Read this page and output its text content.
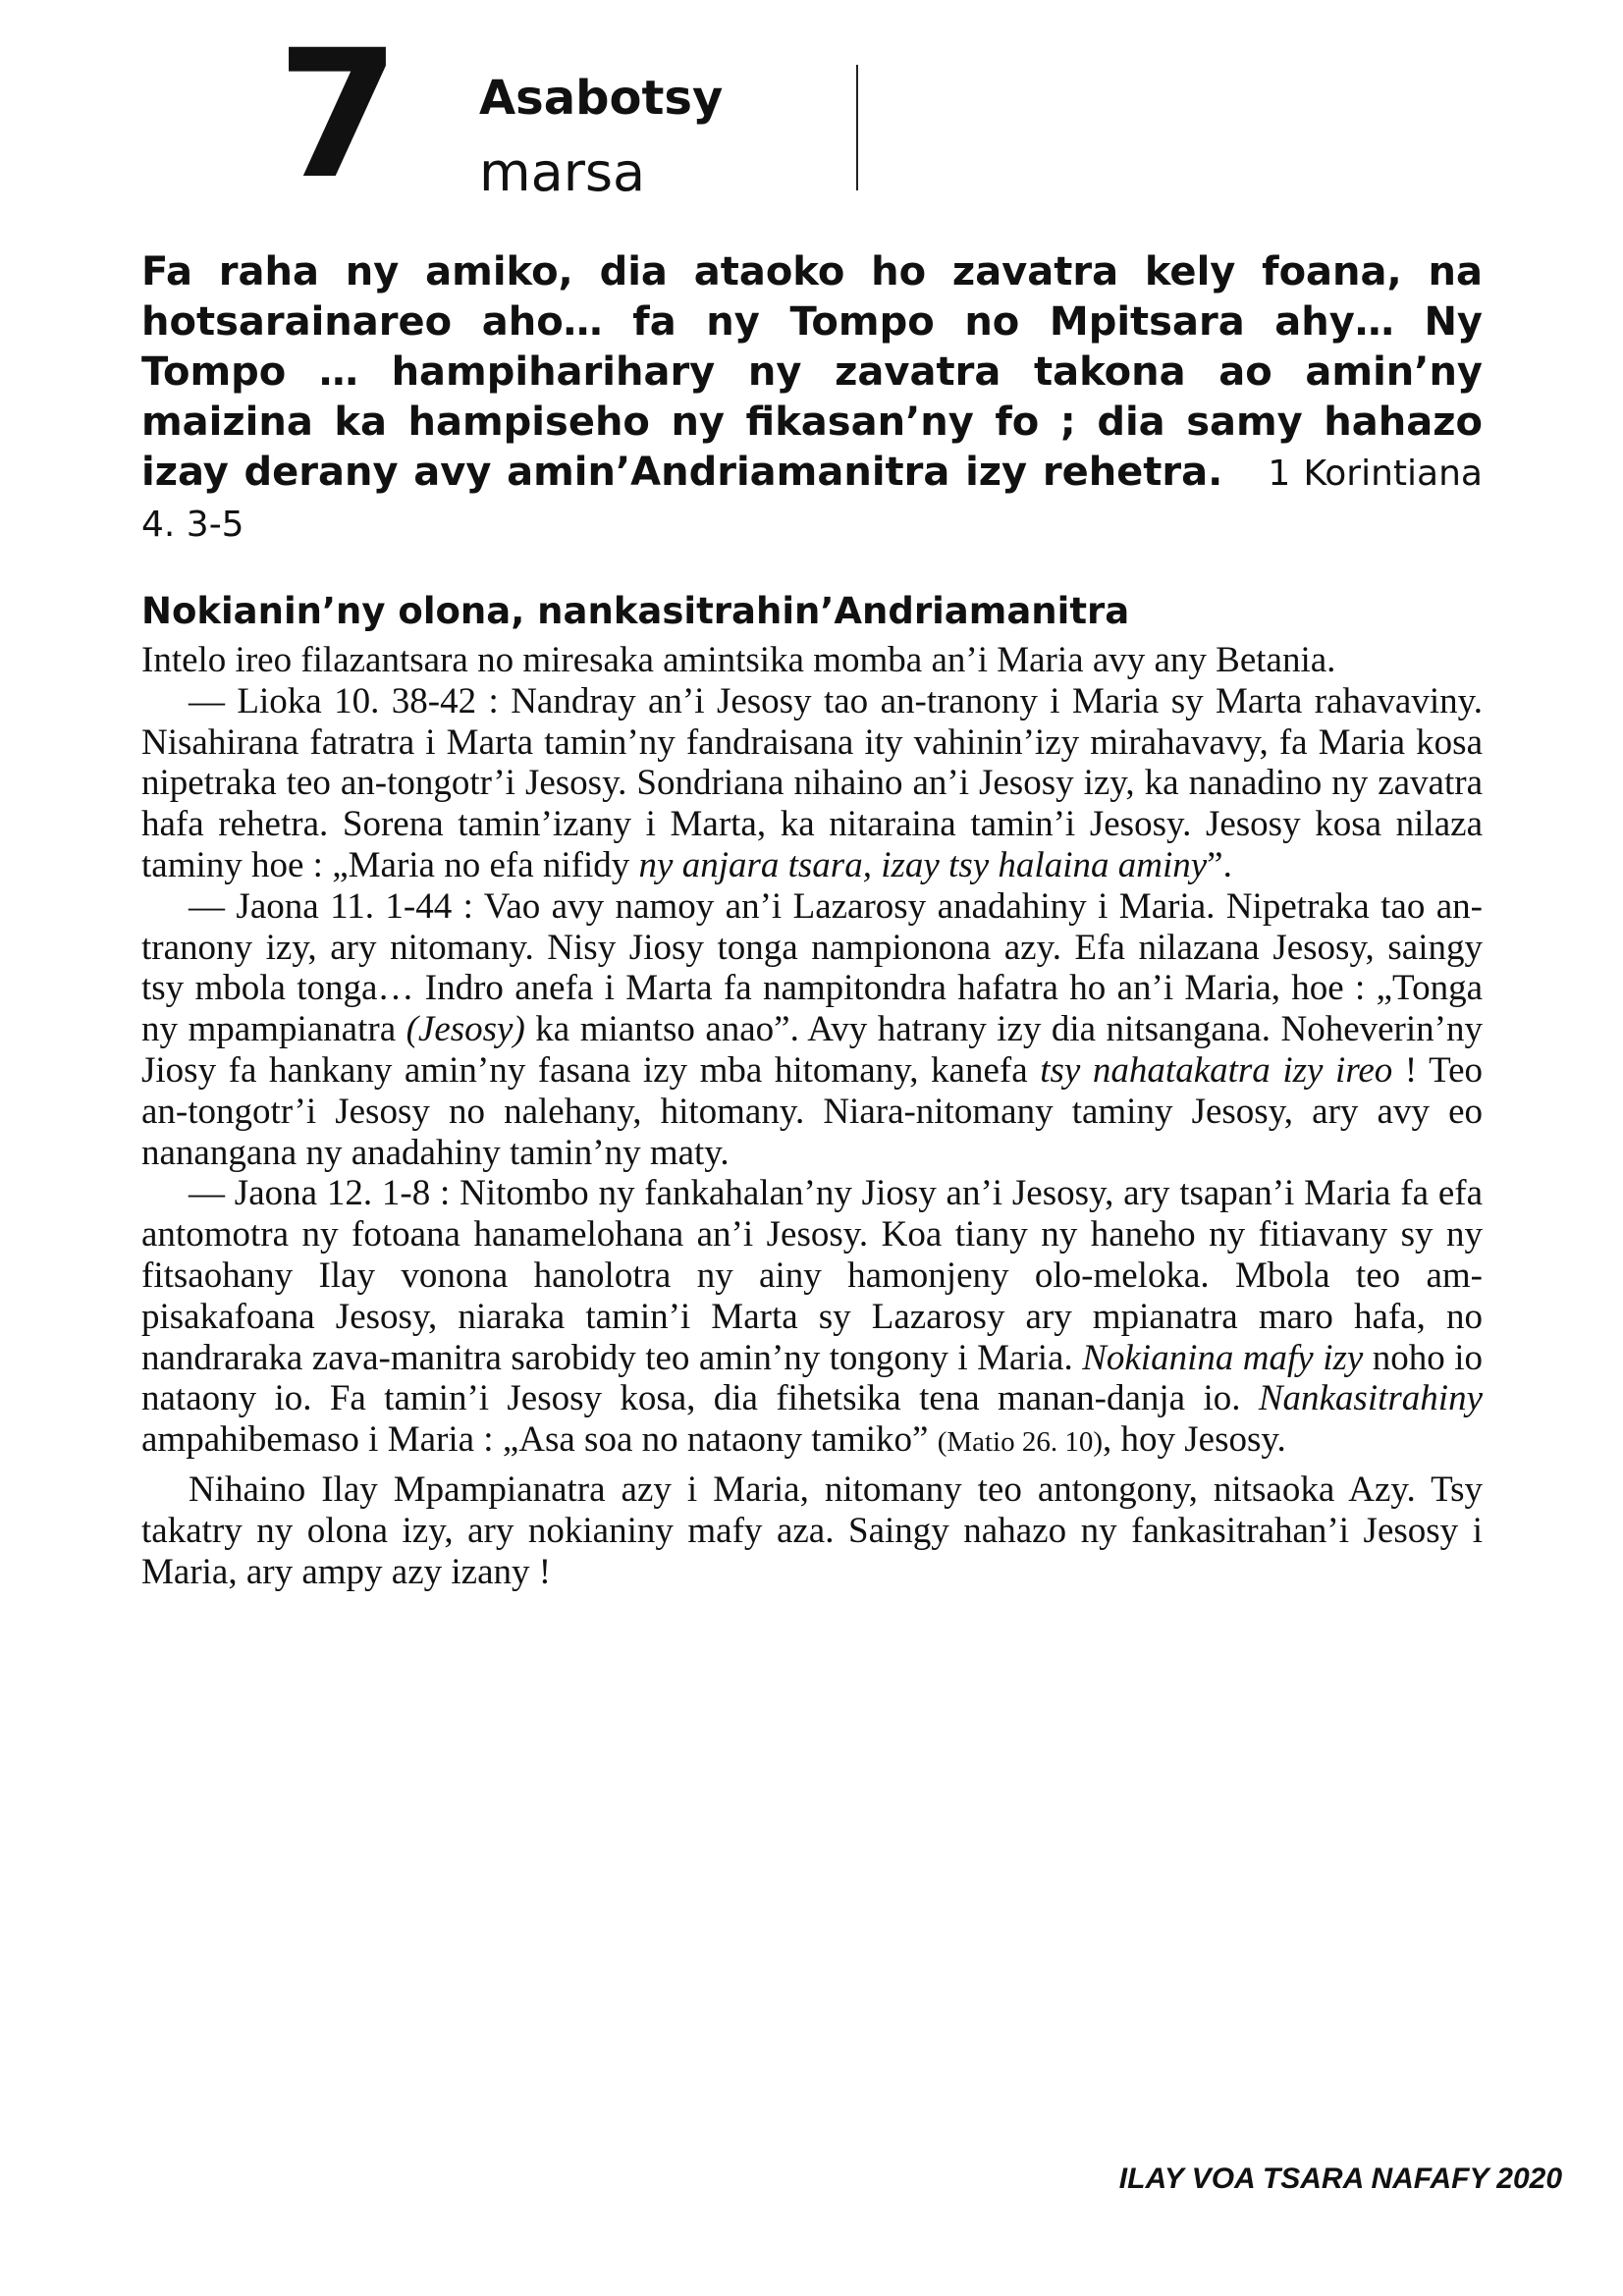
7 Asabotsy
marsa
Fa raha ny amiko, dia ataoko ho zavatra kely foana, na hotsarainareo aho… fa ny Tompo no Mpitsara ahy… Ny Tompo … hampiharihary ny zavatra takona ao amin’ny maizina ka hampiseho ny fikasan’ny fo ; dia samy hahazo izay derany avy amin’Andriamanitra izy rehetra. 1 Korintiana 4. 3-5
Nokianin’ny olona, nankasitrahin’Andriamanitra

Intelo ireo filazantsara no miresaka amintsika momba an’i Maria avy any Betania.

— Lioka 10. 38-42 : Nandray an’i Jesosy tao an-tranony i Maria sy Marta rahavaviny. Nisahirana fatratra i Marta tamin’ny fandraisana ity vahinin’izy mirahavavy, fa Maria kosa nipetraka teo an-tongotr’i Jesosy. Sondriana nihaino an’i Jesosy izy, ka nanadino ny zavatra hafa rehetra. Sorena tamin’izany i Marta, ka nitaraina tamin’i Jesosy. Jesosy kosa nilaza taminy hoe : „Maria no efa nifidy ny anjara tsara, izay tsy halaina aminy”.

— Jaona 11. 1-44 : Vao avy namoy an’i Lazarosy anadahiny i Maria. Nipetraka tao an-tranony izy, ary nitomany. Nisy Jiosy tonga nampionona azy. Efa nilazana Jesosy, saingy tsy mbola tonga… Indro anefa i Marta fa nampitondra hafatra ho an’i Maria, hoe : „Tonga ny mpampianatra (Jesosy) ka miantso anao”. Avy hatrany izy dia nitsangana. Noheverin’ny Jiosy fa hankany amin’ny fasana izy mba hitomany, kanefa tsy nahatakatra izy ireo ! Teo an-tongotr’i Jesosy no nalehany, hitomany. Niara-nitomany taminy Jesosy, ary avy eo nanangana ny anadahiny tamin’ny maty.

— Jaona 12. 1-8 : Nitombo ny fankahalan’ny Jiosy an’i Jesosy, ary tsapan’i Maria fa efa antomotra ny fotoana hanamelohana an’i Jesosy. Koa tiany ny haneho ny fitiavany sy ny fitsaohany Ilay vonona hanolotra ny ainy hamonjeny olo-meloka. Mbola teo am-pisakafoana Jesosy, niaraka tamin’i Marta sy Lazarosy ary mpianatra maro hafa, no nandraraka zava-manitra sarobidy teo amin’ny tongony i Maria. Nokianina mafy izy noho io nataony io. Fa tamin’i Jesosy kosa, dia fihetsika tena manan-danja io. Nankasitrahiny ampahibemaso i Maria : „Asa soa no nataony tamiko” (Matio 26. 10), hoy Jesosy.

Nihaino Ilay Mpampianatra azy i Maria, nitomany teo antongony, nitsaoka Azy. Tsy takatry ny olona izy, ary nokianiny mafy aza. Saingy nahazo ny fankasitrahan’i Jesosy i Maria, ary ampy azy izany !

ILAY VOA TSARA NAFAFY 2020
